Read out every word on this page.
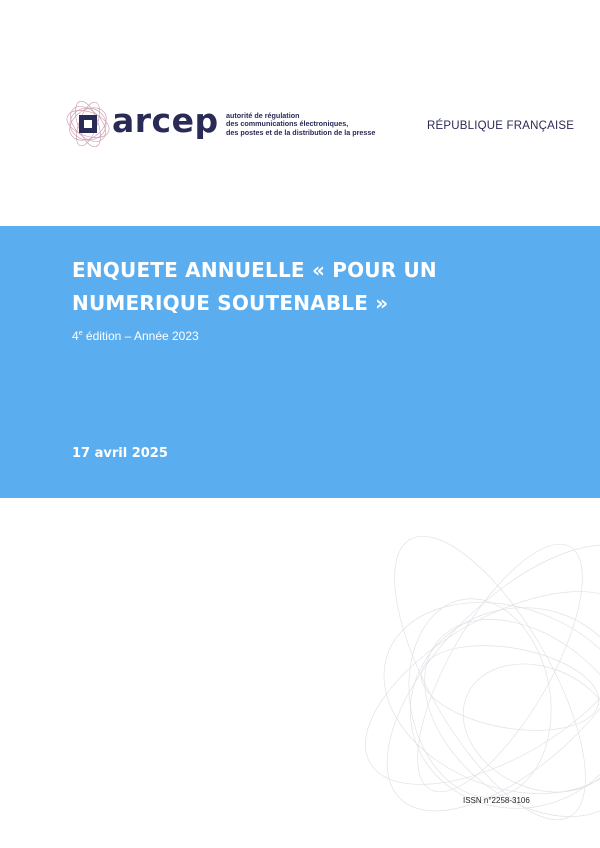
arcep autorité de régulation
des communications électroniques,
des postes et de la distribution de la presse
RÉPUBLIQUE FRANÇAISE
ENQUETE ANNUELLE « POUR UN NUMERIQUE SOUTENABLE »
4e édition – Année 2023
17 avril 2025
ISSN n°2258-3106
